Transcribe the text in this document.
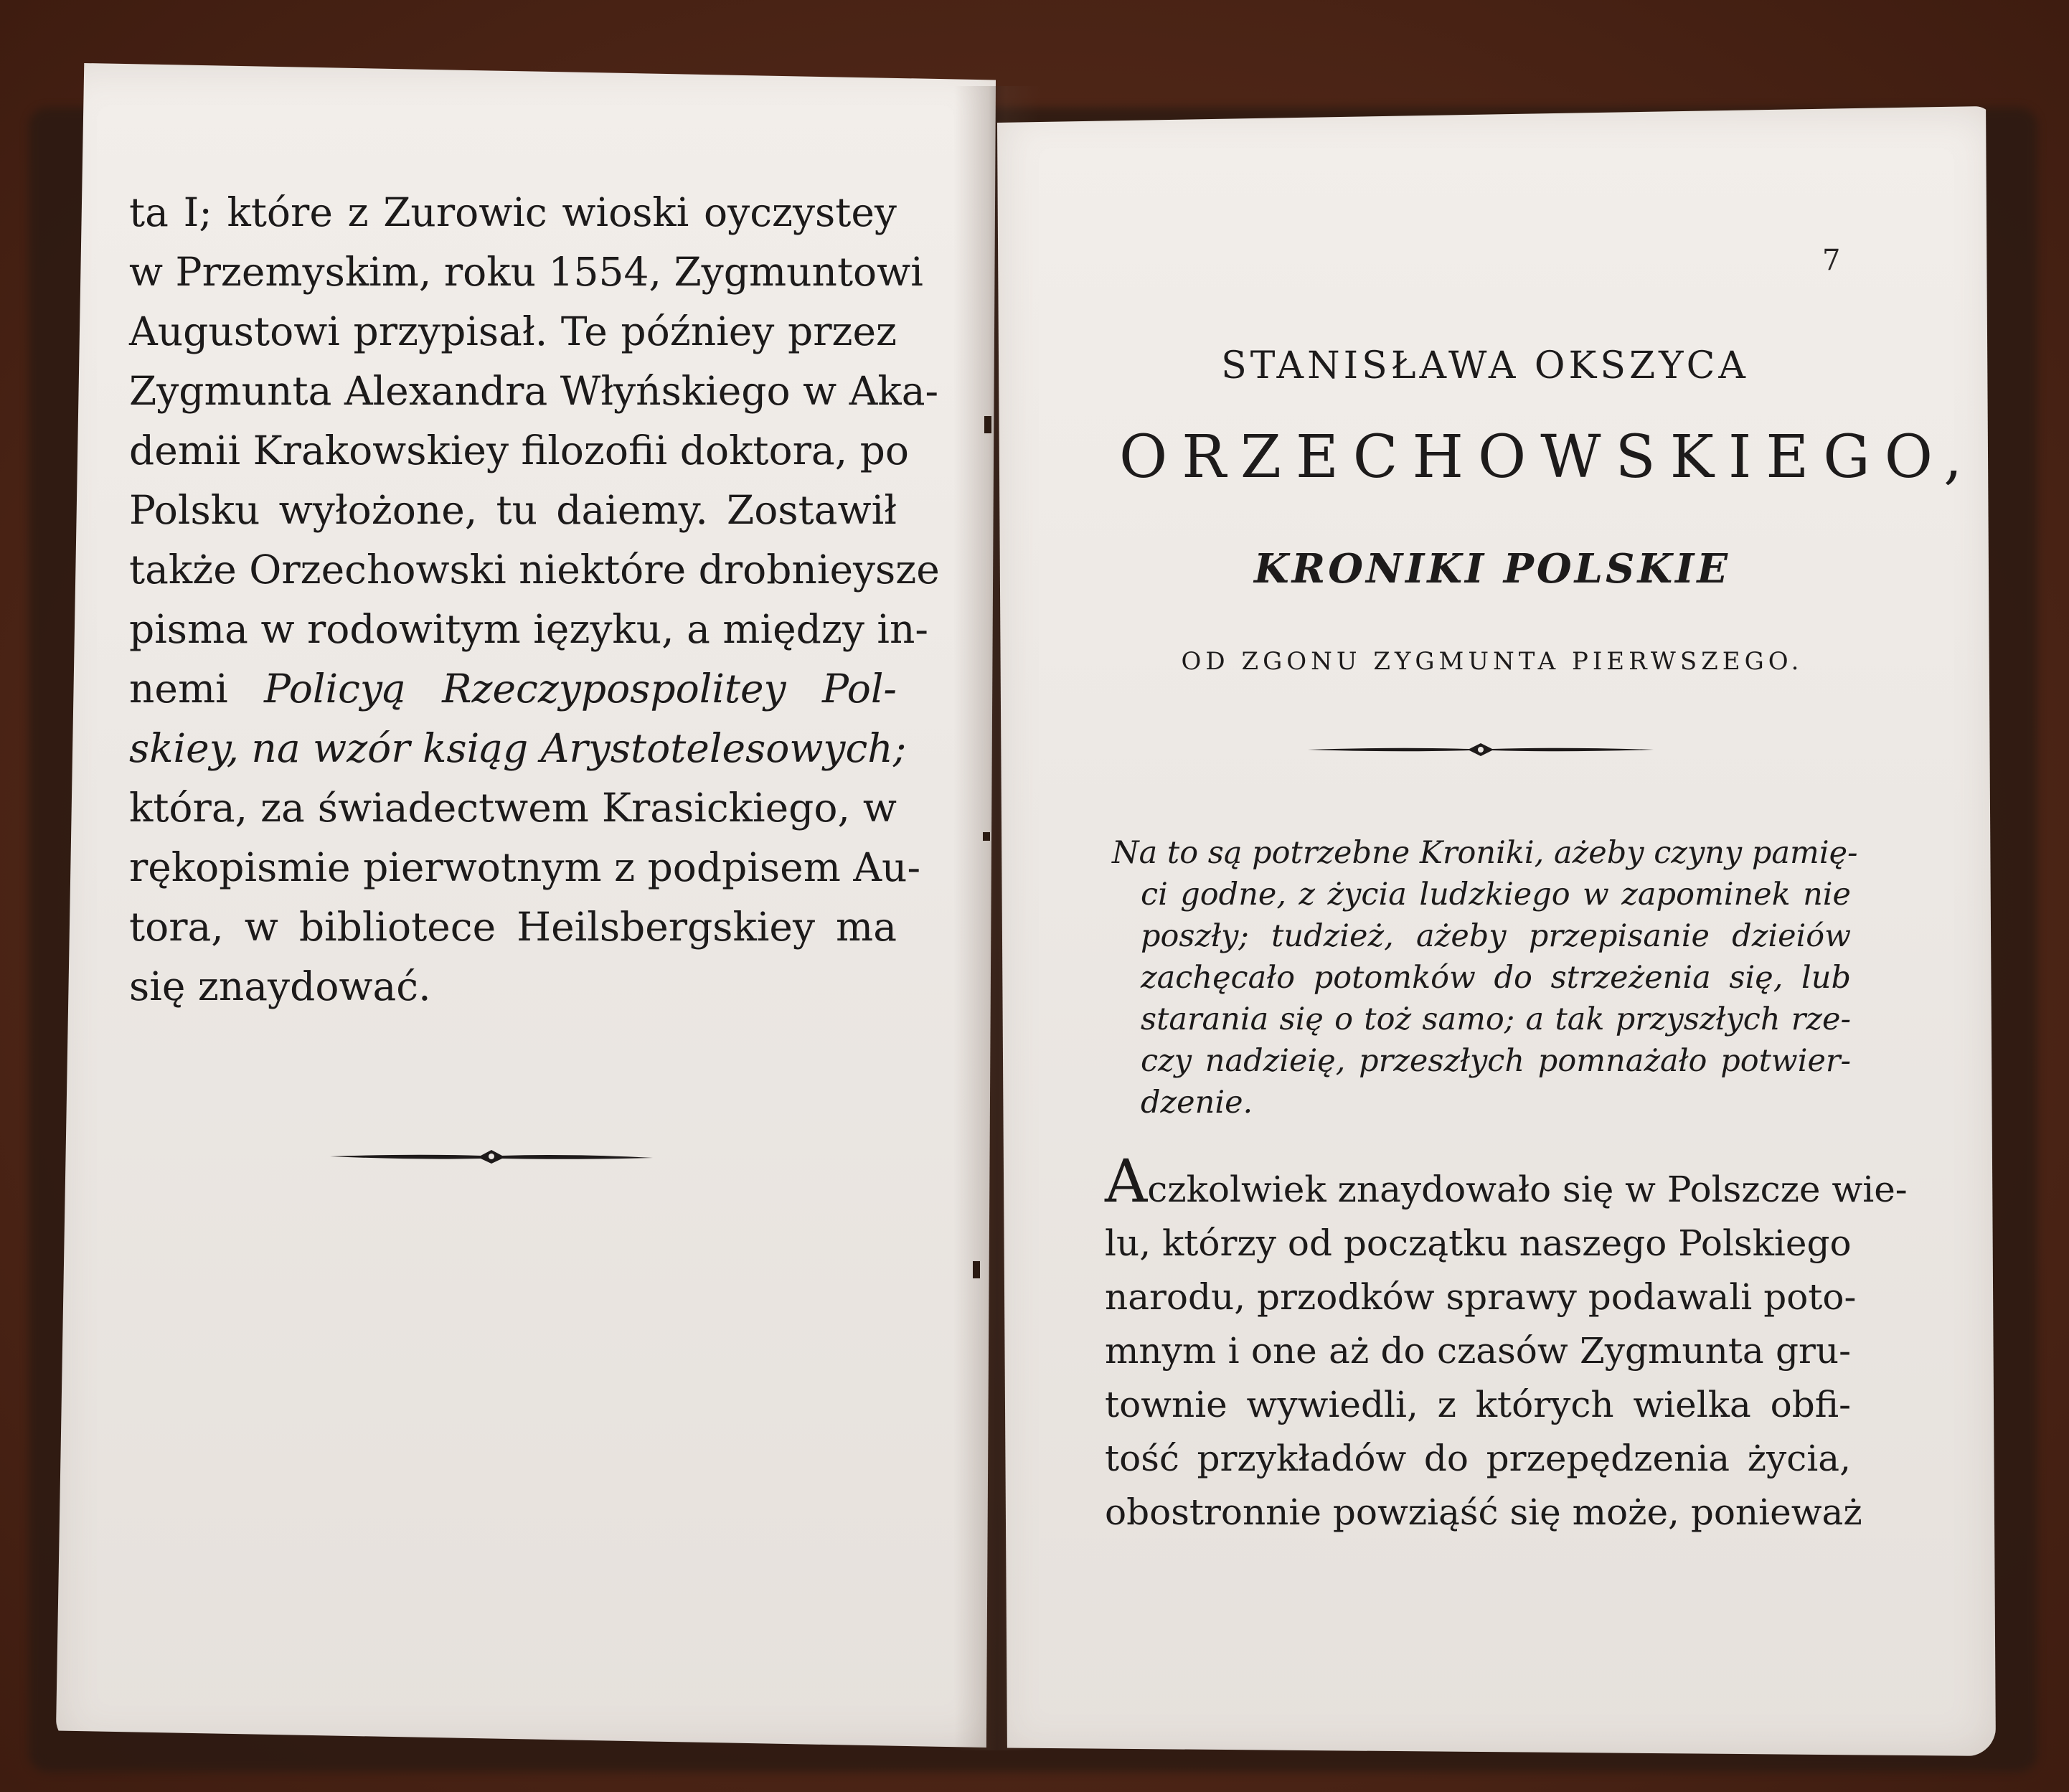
ta I; które z Zurowic wioski oyczystey
w Przemyskim, roku 1554, Zygmuntowi
Augustowi przypisał. Te późniey przez
Zygmunta Alexandra Włyńskiego w Aka-
demii Krakowskiey filozofii doktora, po
Polsku wyłożone, tu daiemy. Zostawił
także Orzechowski niektóre drobnieysze
pisma w rodowitym ięzyku, a między in-
nemi Policyą Rzeczypospolitey Pol-
skiey, na wzór ksiąg Arystotelesowych;
która, za świadectwem Krasickiego, w
rękopismie pierwotnym z podpisem Au-
tora, w bibliotece Heilsbergskiey ma
się znaydować.
7
STANISŁAWA OKSZYCA
ORZECHOWSKIEGO,
KRONIKI POLSKIE
OD ZGONU ZYGMUNTA PIERWSZEGO.
Na to są potrzebne Kroniki, ażeby czyny pamię-
ci godne, z życia ludzkiego w zapominek nie
poszły; tudzież, ażeby przepisanie dzieiów
zachęcało potomków do strzeżenia się, lub
starania się o toż samo; a tak przyszłych rze-
czy nadzieię, przeszłych pomnażało potwier-
dzenie.
Aczkolwiek znaydowało się w Polszcze wie-
lu, którzy od początku naszego Polskiego
narodu, przodków sprawy podawali poto-
mnym i one aż do czasów Zygmunta gru-
townie wywiedli, z których wielka obfi-
tość przykładów do przepędzenia życia,
obostronnie powziąść się może, ponieważ
